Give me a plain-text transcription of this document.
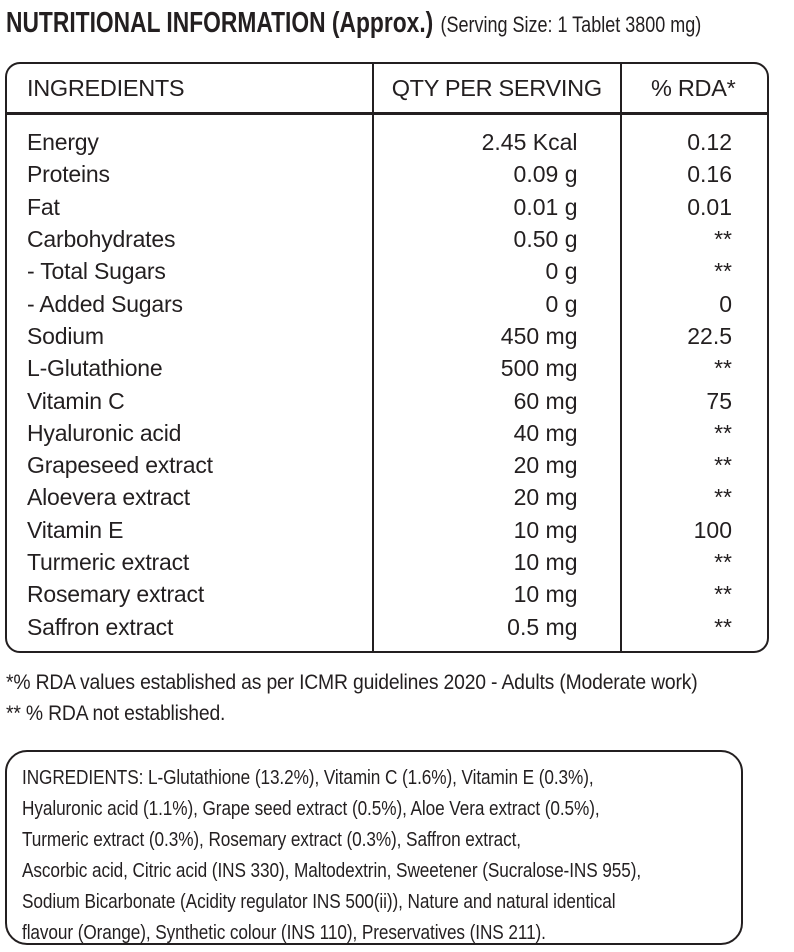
NUTRITIONAL INFORMATION (Approx.) (Serving Size: 1 Tablet 3800 mg)
INGREDIENTS	QTY PER SERVING	% RDA*
Energy	2.45 Kcal	0.12
Proteins	0.09 g	0.16
Fat	0.01 g	0.01
Carbohydrates	0.50 g	**
- Total Sugars	0 g	**
- Added Sugars	0 g	0
Sodium	450 mg	22.5
L-Glutathione	500 mg	**
Vitamin C	60 mg	75
Hyaluronic acid	40 mg	**
Grapeseed extract	20 mg	**
Aloevera extract	20 mg	**
Vitamin E	10 mg	100
Turmeric extract	10 mg	**
Rosemary extract	10 mg	**
Saffron extract	0.5 mg	**
*% RDA values established as per ICMR guidelines 2020 - Adults (Moderate work)
** % RDA not established.
INGREDIENTS: L-Glutathione (13.2%), Vitamin C (1.6%), Vitamin E (0.3%),
Hyaluronic acid (1.1%), Grape seed extract (0.5%), Aloe Vera extract (0.5%),
Turmeric extract (0.3%), Rosemary extract (0.3%), Saffron extract,
Ascorbic acid, Citric acid (INS 330), Maltodextrin, Sweetener (Sucralose-INS 955),
Sodium Bicarbonate (Acidity regulator INS 500(ii)), Nature and natural identical
flavour (Orange), Synthetic colour (INS 110), Preservatives (INS 211).
